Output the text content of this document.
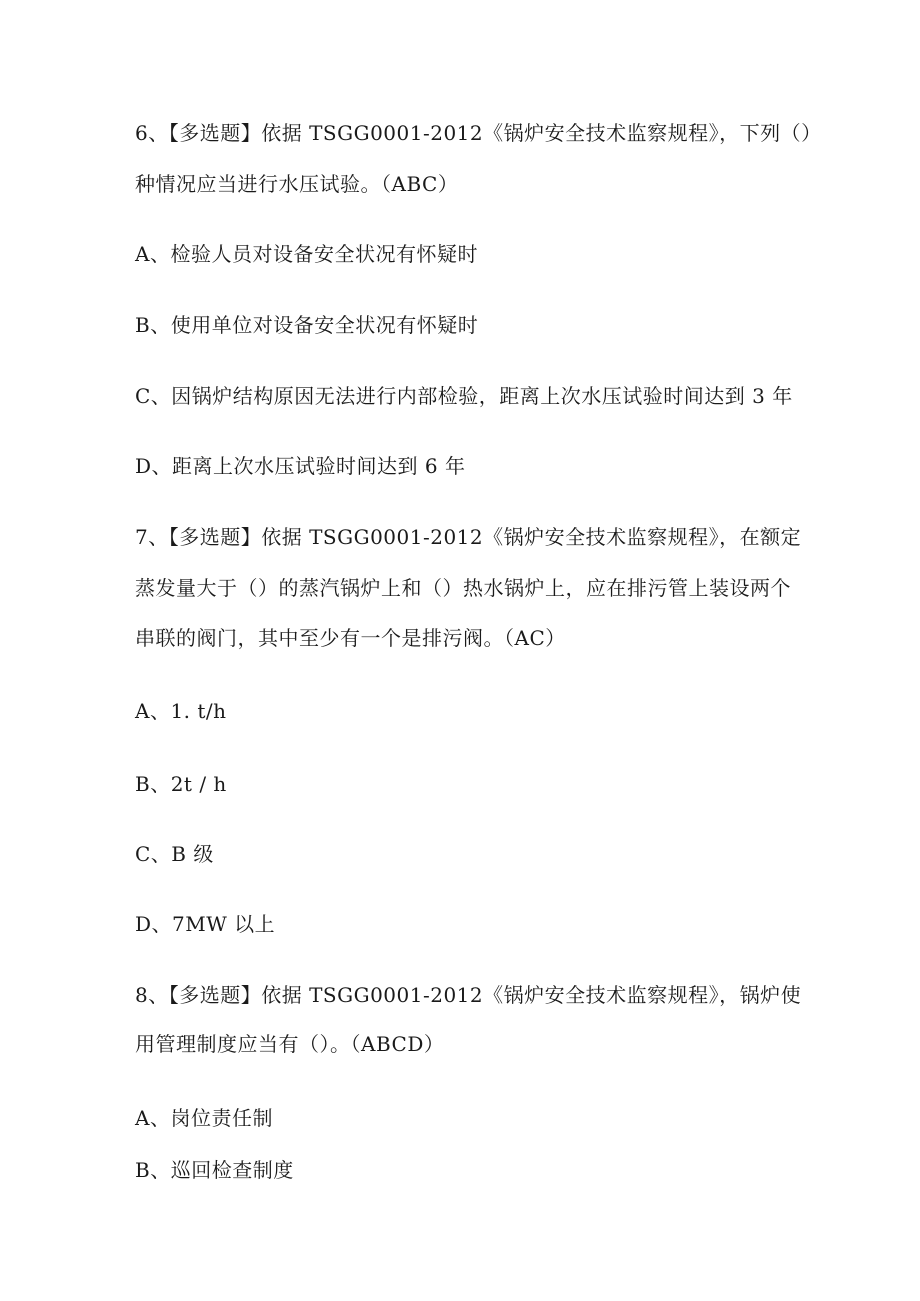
6、【多选题】依据 TSGG0001-2012《锅炉安全技术监察规程》，下列（）
种情况应当进行水压试验。（ABC）
A、检验人员对设备安全状况有怀疑时
B、使用单位对设备安全状况有怀疑时
C、因锅炉结构原因无法进行内部检验，距离上次水压试验时间达到 3 年
D、距离上次水压试验时间达到 6 年
7、【多选题】依据 TSGG0001-2012《锅炉安全技术监察规程》，在额定
蒸发量大于（）的蒸汽锅炉上和（）热水锅炉上，应在排污管上装设两个
串联的阀门，其中至少有一个是排污阀。（AC）
A、1. t/h
B、2t / h
C、B 级
D、7MW 以上
8、【多选题】依据 TSGG0001-2012《锅炉安全技术监察规程》，锅炉使
用管理制度应当有（）。（ABCD）
A、岗位责任制
B、巡回检查制度
